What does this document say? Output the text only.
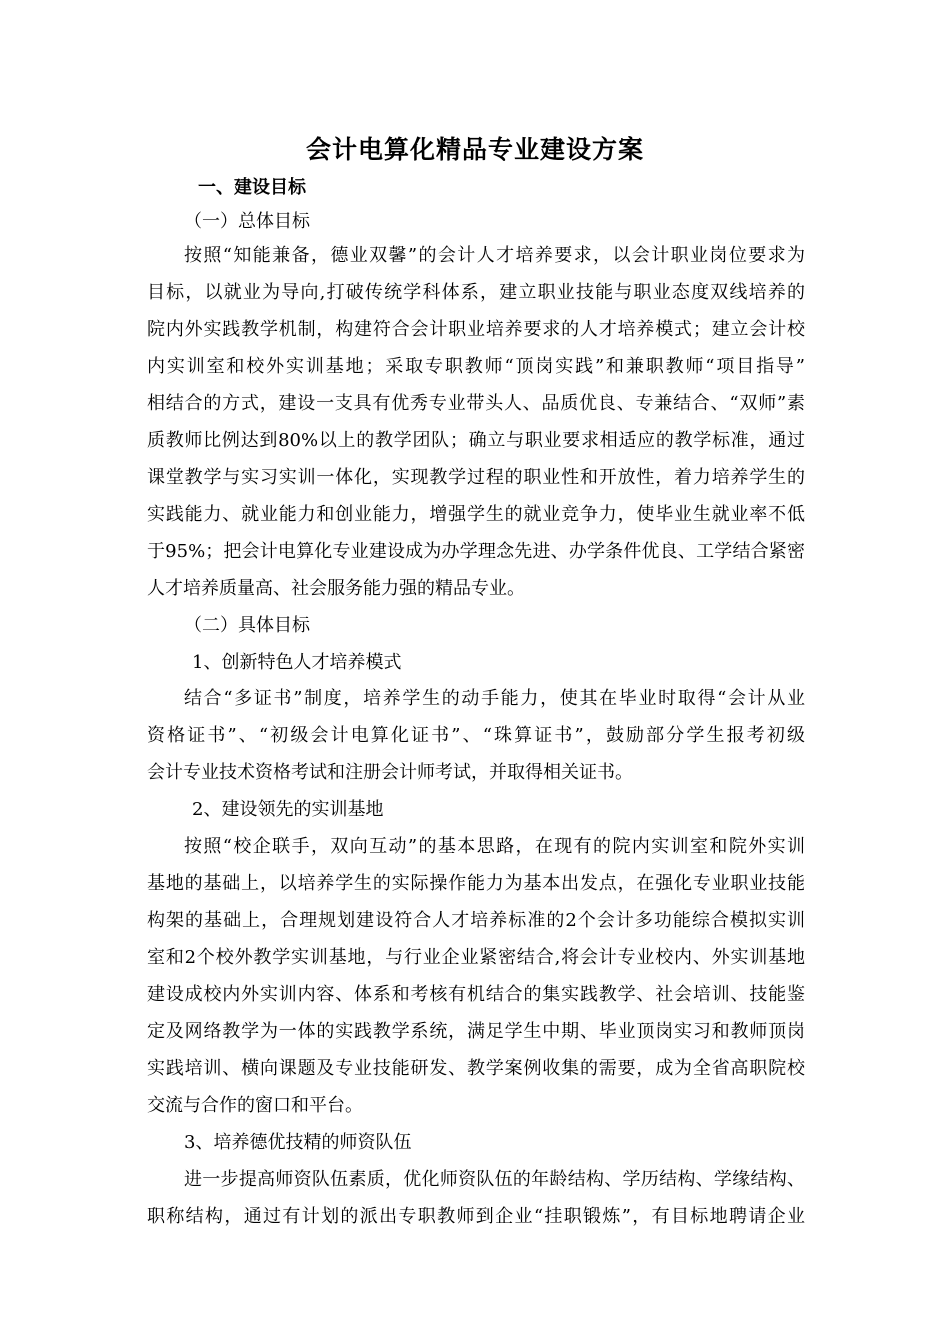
会计电算化精品专业建设方案
一、建设目标
（一）总体目标
按照“知能兼备，德业双馨”的会计人才培养要求，以会计职业岗位要求为
目标，以就业为导向,打破传统学科体系，建立职业技能与职业态度双线培养的
院内外实践教学机制，构建符合会计职业培养要求的人才培养模式；建立会计校
内实训室和校外实训基地；采取专职教师“顶岗实践”和兼职教师“项目指导”
相结合的方式，建设一支具有优秀专业带头人、品质优良、专兼结合、“双师”素
质教师比例达到80%以上的教学团队；确立与职业要求相适应的教学标准，通过
课堂教学与实习实训一体化，实现教学过程的职业性和开放性，着力培养学生的
实践能力、就业能力和创业能力，增强学生的就业竞争力，使毕业生就业率不低
于95%；把会计电算化专业建设成为办学理念先进、办学条件优良、工学结合紧密
人才培养质量高、社会服务能力强的精品专业。
（二）具体目标
1、创新特色人才培养模式
结合“多证书”制度，培养学生的动手能力，使其在毕业时取得“会计从业
资格证书”、“初级会计电算化证书”、“珠算证书”，鼓励部分学生报考初级
会计专业技术资格考试和注册会计师考试，并取得相关证书。
2、建设领先的实训基地
按照“校企联手，双向互动”的基本思路，在现有的院内实训室和院外实训
基地的基础上，以培养学生的实际操作能力为基本出发点，在强化专业职业技能
构架的基础上，合理规划建设符合人才培养标准的2个会计多功能综合模拟实训
室和2个校外教学实训基地，与行业企业紧密结合,将会计专业校内、外实训基地
建设成校内外实训内容、体系和考核有机结合的集实践教学、社会培训、技能鉴
定及网络教学为一体的实践教学系统，满足学生中期、毕业顶岗实习和教师顶岗
实践培训、横向课题及专业技能研发、教学案例收集的需要，成为全省高职院校
交流与合作的窗口和平台。
3、培养德优技精的师资队伍
进一步提高师资队伍素质，优化师资队伍的年龄结构、学历结构、学缘结构、
职称结构，通过有计划的派出专职教师到企业“挂职锻炼”，有目标地聘请企业
